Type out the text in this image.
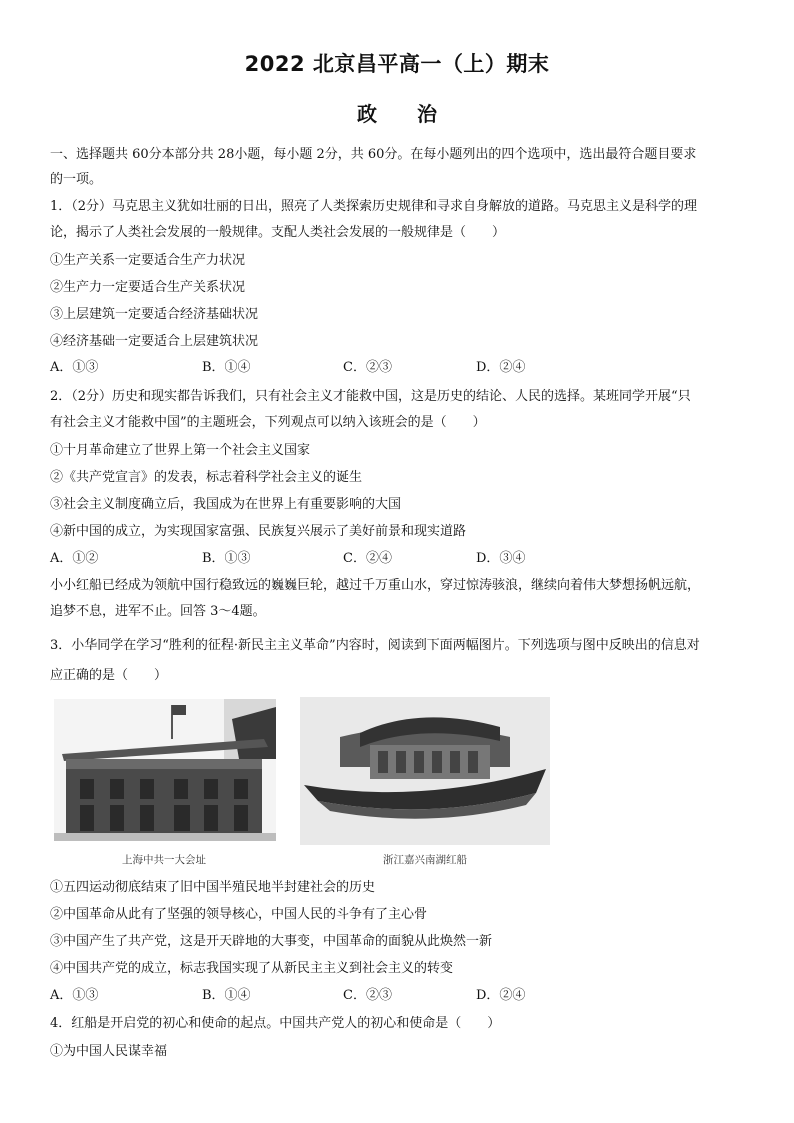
2022 北京昌平高一（上）期末
政　　治
一、选择题共 60分本部分共 28小题，每小题 2分，共 60分。在每小题列出的四个选项中，选出最符合题目要求
的一项。
1．（2分）马克思主义犹如壮丽的日出，照亮了人类探索历史规律和寻求自身解放的道路。马克思主义是科学的理
论，揭示了人类社会发展的一般规律。支配人类社会发展的一般规律是（　　）
①生产关系一定要适合生产力状况
②生产力一定要适合生产关系状况
③上层建筑一定要适合经济基础状况
④经济基础一定要适合上层建筑状况
A．①③	B．①④	C．②③	D．②④
2．（2分）历史和现实都告诉我们，只有社会主义才能救中国，这是历史的结论、人民的选择。某班同学开展“只
有社会主义才能救中国”的主题班会，下列观点可以纳入该班会的是（　　）
①十月革命建立了世界上第一个社会主义国家
②《共产党宣言》的发表，标志着科学社会主义的诞生
③社会主义制度确立后，我国成为在世界上有重要影响的大国
④新中国的成立，为实现国家富强、民族复兴展示了美好前景和现实道路
A．①②	B．①③	C．②④	D．③④
小小红船已经成为领航中国行稳致远的巍巍巨轮，越过千万重山水，穿过惊涛骇浪，继续向着伟大梦想扬帆远航，
追梦不息，进军不止。回答 3～4题。
3．小华同学在学习“胜利的征程·新民主主义革命”内容时，阅读到下面两幅图片。下列选项与图中反映出的信息对
应正确的是（　　）
上海中共一大会址	浙江嘉兴南湖红船
①五四运动彻底结束了旧中国半殖民地半封建社会的历史
②中国革命从此有了坚强的领导核心，中国人民的斗争有了主心骨
③中国产生了共产党，这是开天辟地的大事变，中国革命的面貌从此焕然一新
④中国共产党的成立，标志我国实现了从新民主主义到社会主义的转变
A．①③	B．①④	C．②③	D．②④
4．红船是开启党的初心和使命的起点。中国共产党人的初心和使命是（　　）
①为中国人民谋幸福
